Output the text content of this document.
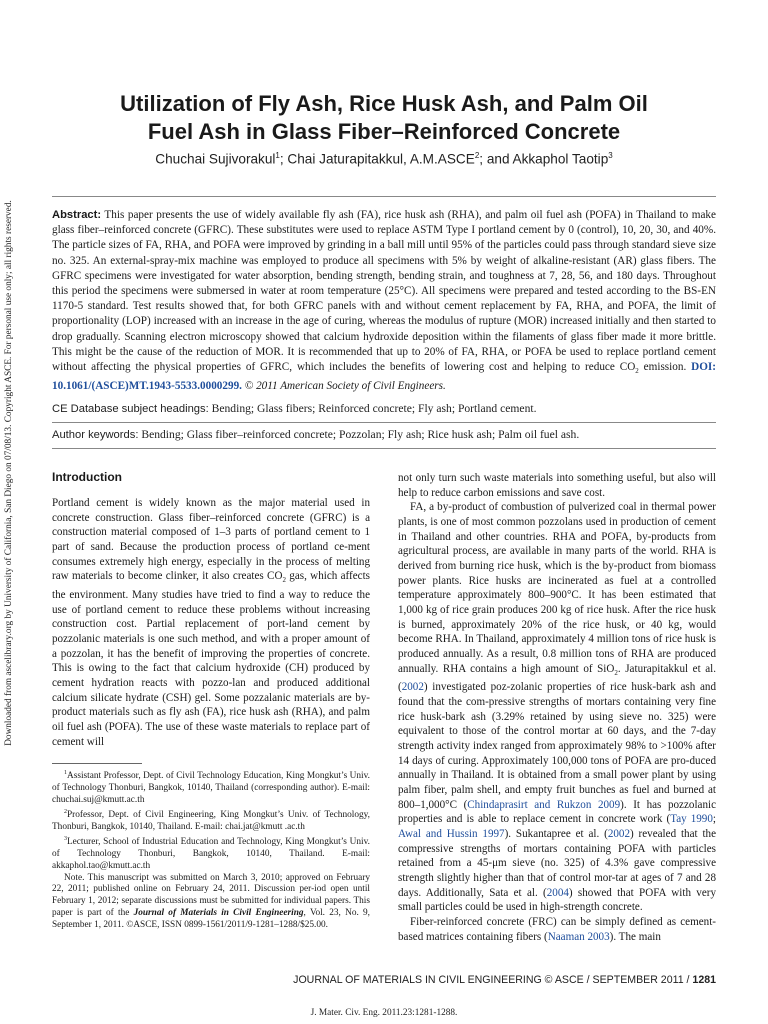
Downloaded from ascelibrary.org by University of California, San Diego on 07/08/13. Copyright ASCE. For personal use only; all rights reserved.
Utilization of Fly Ash, Rice Husk Ash, and Palm Oil
Fuel Ash in Glass Fiber–Reinforced Concrete
Chuchai Sujivorakul$^1$; Chai Jaturapitakkul, A.M.ASCE$^2$; and Akkaphol Taotip$^3$
Abstract: This paper presents the use of widely available fly ash (FA), rice husk ash (RHA), and palm oil fuel ash (POFA) in Thailand to make glass fiber–reinforced concrete (GFRC). These substitutes were used to replace ASTM Type I portland cement by 0 (control), 10, 20, 30, and 40%. The particle sizes of FA, RHA, and POFA were improved by grinding in a ball mill until 95% of the particles could pass through standard sieve size no. 325. An external-spray-mix machine was employed to produce all specimens with 5% by weight of alkaline-resistant (AR) glass fibers. The GFRC specimens were investigated for water absorption, bending strength, bending strain, and toughness at 7, 28, 56, and 180 days. Throughout this period the specimens were submersed in water at room temperature (25°C). All specimens were prepared and tested according to the BS-EN 1170-5 standard. Test results showed that, for both GFRC panels with and without cement replacement by FA, RHA, and POFA, the limit of proportionality (LOP) increased with an increase in the age of curing, whereas the modulus of rupture (MOR) increased initially and then started to drop gradually. Scanning electron microscopy showed that calcium hydroxide deposition within the filaments of glass fiber made it more brittle. This might be the cause of the reduction of MOR. It is recommended that up to 20% of FA, RHA, or POFA be used to replace portland cement without affecting the physical properties of GFRC, which includes the benefits of lowering cost and helping to reduce $CO_2$ emission. DOI: 10.1061/(ASCE)MT.1943-5533.0000299. © 2011 American Society of Civil Engineers.
CE Database subject headings: Bending; Glass fibers; Reinforced concrete; Fly ash; Portland cement.
Author keywords: Bending; Glass fiber–reinforced concrete; Pozzolan; Fly ash; Rice husk ash; Palm oil fuel ash.
Introduction

Portland cement is widely known as the major material used in concrete construction. Glass fiber–reinforced concrete (GFRC) is a construction material composed of 1–3 parts of portland cement to 1 part of sand. Because the production process of portland ce-ment consumes extremely high energy, especially in the process of melting raw materials to become clinker, it also creates $CO_2$ gas, which affects the environment. Many studies have tried to find a way to reduce the use of portland cement to reduce these problems without increasing construction cost. Partial replacement of port-land cement by pozzolanic materials is one such method, and with a proper amount of a pozzolan, it has the benefit of improving the properties of concrete. This is owing to the fact that calcium hydroxide (CH) produced by cement hydration reacts with pozzo-lan and produced additional calcium silicate hydrate (CSH) gel. Some pozzalanic materials are by-product materials such as fly ash (FA), rice husk ash (RHA), and palm oil fuel ash (POFA). The use of these waste materials to replace part of cement will

$^1$Assistant Professor, Dept. of Civil Technology Education, King Mongkut’s Univ. of Technology Thonburi, Bangkok, 10140, Thailand (corresponding author). E-mail: chuchai.suj@kmutt.ac.th

$^2$Professor, Dept. of Civil Engineering, King Mongkut’s Univ. of Technology, Thonburi, Bangkok, 10140, Thailand. E-mail: chai.jat@kmutt .ac.th

$^3$Lecturer, School of Industrial Education and Technology, King Mongkut’s Univ. of Technology Thonburi, Bangkok, 10140, Thailand. E-mail: akkaphol.tao@kmutt.ac.th

Note. This manuscript was submitted on March 3, 2010; approved on February 22, 2011; published online on February 24, 2011. Discussion per-iod open until February 1, 2012; separate discussions must be submitted for individual papers. This paper is part of the Journal of Materials in Civil Engineering, Vol. 23, No. 9, September 1, 2011. ©ASCE, ISSN 0899-1561/2011/9-1281–1288/$25.00.

not only turn such waste materials into something useful, but also will help to reduce carbon emissions and save cost.

FA, a by-product of combustion of pulverized coal in thermal power plants, is one of most common pozzolans used in production of cement in Thailand and other countries. RHA and POFA, by-products from agricultural process, are available in many parts of the world. RHA is derived from burning rice husk, which is the by-product from biomass power plants. Rice husks are incinerated as fuel at a controlled temperature approximately 800–900°C. It has been estimated that 1,000 kg of rice grain produces 200 kg of rice husk. After the rice husk is burned, approximately 20% of the rice husk, or 40 kg, would become RHA. In Thailand, approximately 4 million tons of rice husk is produced annually. As a result, 0.8 million tons of RHA are produced annually. RHA contains a high amount of SiO$_2$. Jaturapitakkul et al. (2002) investigated poz-zolanic properties of rice husk-bark ash and found that the com-pressive strengths of mortars containing very fine rice husk-bark ash (3.29% retained by using sieve no. 325) were equivalent to those of the control mortar at 60 days, and the 7-day strength activity index ranged from approximately 98% to >100% after 14 days of curing. Approximately 100,000 tons of POFA are pro-duced annually in Thailand. It is obtained from a small power plant by using palm fiber, palm shell, and empty fruit bunches as fuel and burned at 800–1,000°C (Chindaprasirt and Rukzon 2009). It has pozzolanic properties and is able to replace cement in concrete work (Tay 1990; Awal and Hussin 1997). Sukantapree et al. (2002) revealed that the compressive strengths of mortars containing POFA with particles retained from a 45-μm sieve (no. 325) of 4.3% gave compressive strength slightly higher than that of control mor-tar at ages of 7 and 28 days. Additionally, Sata et al. (2004) showed that POFA with very small particles could be used in high-strength concrete.

Fiber-reinforced concrete (FRC) can be simply defined as cement-based matrices containing fibers (Naaman 2003). The main

JOURNAL OF MATERIALS IN CIVIL ENGINEERING © ASCE / SEPTEMBER 2011 / 1281
J. Mater. Civ. Eng. 2011.23:1281-1288.
